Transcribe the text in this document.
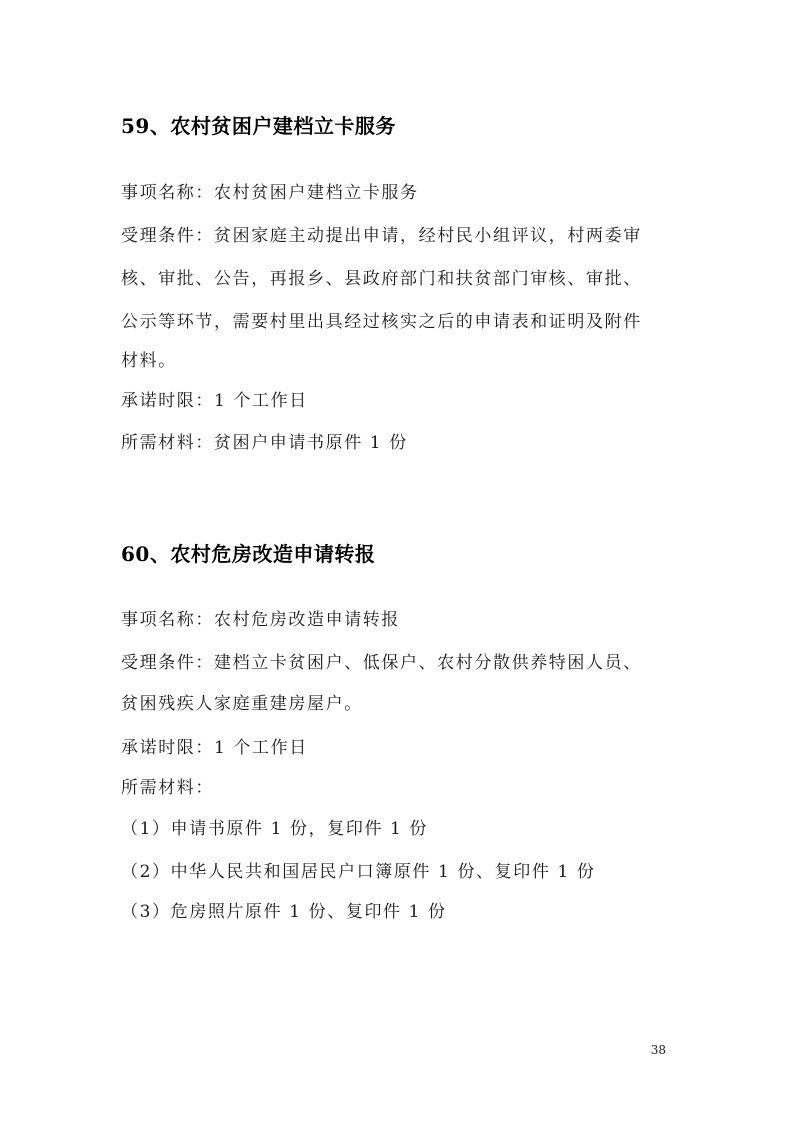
59、农村贫困户建档立卡服务
事项名称：农村贫困户建档立卡服务
受理条件：贫困家庭主动提出申请，经村民小组评议，村两委审
核、审批、公告，再报乡、县政府部门和扶贫部门审核、审批、
公示等环节，需要村里出具经过核实之后的申请表和证明及附件
材料。
承诺时限：1 个工作日
所需材料：贫困户申请书原件 1 份
60、农村危房改造申请转报
事项名称：农村危房改造申请转报
受理条件：建档立卡贫困户、低保户、农村分散供养特困人员、
贫困残疾人家庭重建房屋户。
承诺时限：1 个工作日
所需材料：
（1）申请书原件 1 份，复印件 1 份
（2）中华人民共和国居民户口簿原件 1 份、复印件 1 份
（3）危房照片原件 1 份、复印件 1 份
38
